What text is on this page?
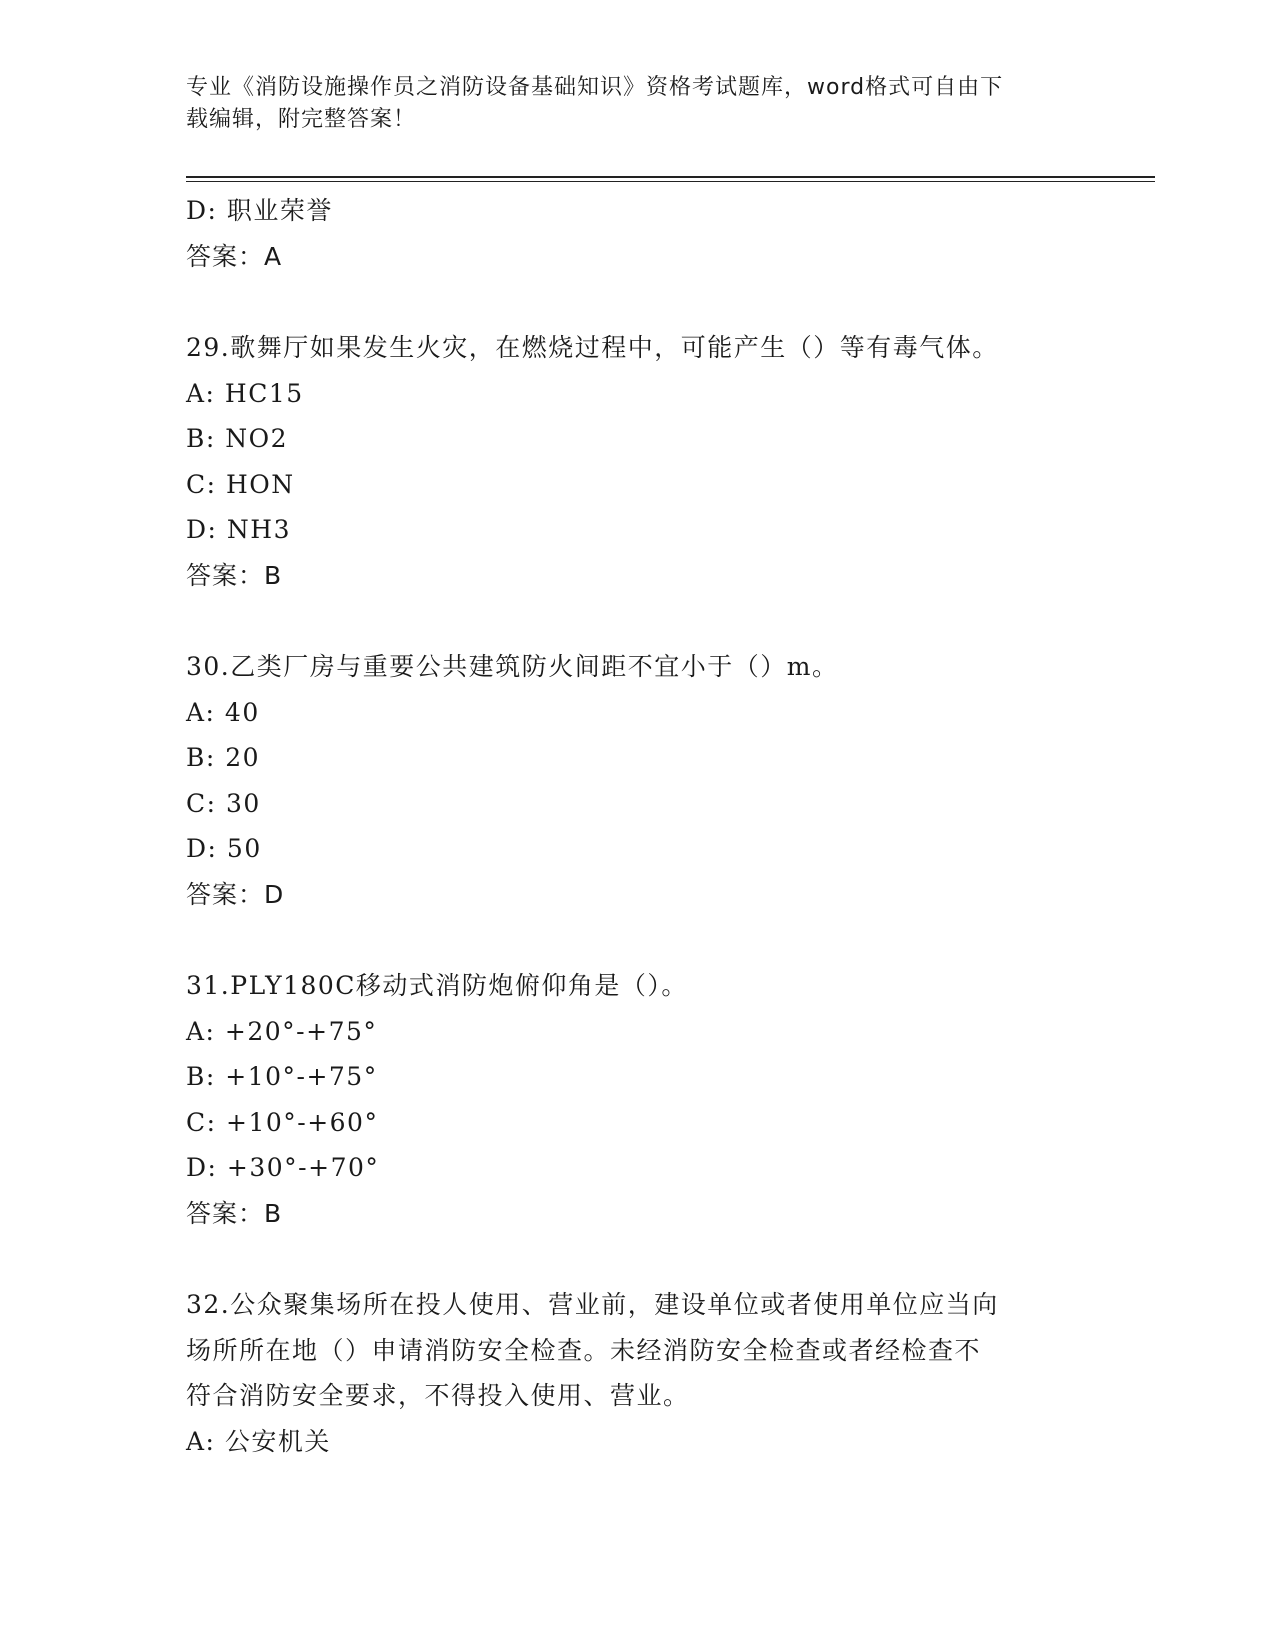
专业《消防设施操作员之消防设备基础知识》资格考试题库，word格式可自由下
载编辑，附完整答案！
D: 职业荣誉
答案：A
29.歌舞厅如果发生火灾，在燃烧过程中，可能产生（）等有毒气体。
A: HC15
B: NO2
C: HON
D: NH3
答案：B
30.乙类厂房与重要公共建筑防火间距不宜小于（）m。
A: 40
B: 20
C: 30
D: 50
答案：D
31.PLY180C移动式消防炮俯仰角是（）。
A: +20°-+75°
B: +10°-+75°
C: +10°-+60°
D: +30°-+70°
答案：B
32.公众聚集场所在投人使用、营业前，建设单位或者使用单位应当向
场所所在地（）申请消防安全检查。未经消防安全检查或者经检查不
符合消防安全要求，不得投入使用、营业。
A: 公安机关
